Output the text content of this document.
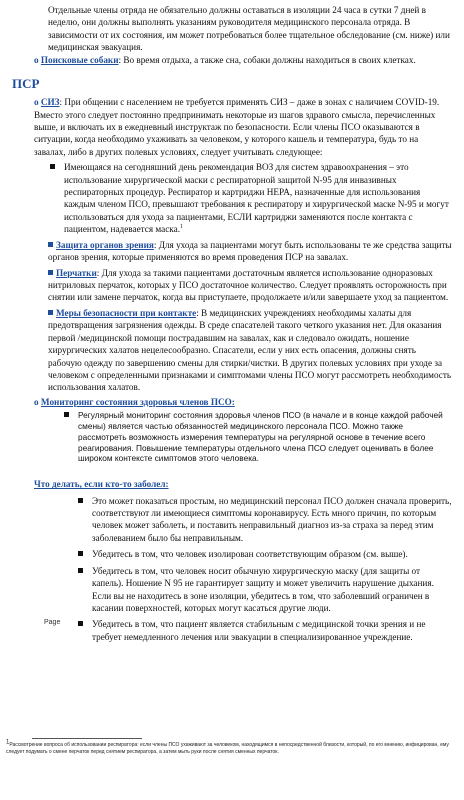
Отдельные члены отряда не обязательно должны оставаться в изоляции 24 часа в сутки 7 дней в неделю, они должны выполнять указаниям руководителя медицинского персонала отряда. В зависимости от их состояния, им может потребоваться более тщательное обследование (см. ниже) или медицинская эвакуация.

o Поисковые собаки: Во время отдыха, а также сна, собаки должны находиться в своих клетках.

ПСР

o СИЗ: При общении с населением не требуется применять СИЗ – даже в зонах с наличием COVID-19. Вместо этого следует постоянно предпринимать некоторые из шагов здравого смысла, перечисленных выше, и включать их в ежедневный инструктаж по безопасности. Если члены ПСО оказываются в ситуации, когда необходимо ухаживать за человеком, у которого кашель и температура, будь то на завалах, либо в других полевых условиях, следует учитывать следующее:

Имеющаяся на сегодняшний день рекомендация ВОЗ для систем здравоохранения – это использование хирургической маски с респираторной защитой N-95 для инвазивных респираторных процедур. Респиратор и картриджи HEPA, назначенные для использования каждым членом ПСО, превышают требования к респиратору и хирургической маске N-95 и могут использоваться для ухода за пациентами, ЕСЛИ картриджи заменяются после контакта с пациентом, надевается маска.$^1$

Защита органов зрения: Для ухода за пациентами могут быть использованы те же средства защиты органов зрения, которые применяются во время проведения ПСР на завалах.

Перчатки: Для ухода за такими пациентами достаточным является использование одноразовых нитриловых перчаток, которых у ПСО достаточное количество. Следует проявлять осторожность при снятии или замене перчаток, когда вы приступаете, продолжаете и/или завершаете уход за пациентом.

Меры безопасности при контакте: В медицинских учреждениях необходимы халаты для предотвращения загрязнения одежды. В среде спасателей такого четкого указания нет. Для оказания первой /медицинской помощи пострадавшим на завалах, как и следовало ожидать, ношение хирургических халатов нецелесообразно. Спасатели, если у них есть опасения, должны снять рабочую одежду по завершению смены для стирки/чистки. В других полевых условиях при уходе за человеком с определенными признаками и симптомами члены ПСО могут рассмотреть необходимость использования халатов.

o Мониторинг состояния здоровья членов ПСО:

Регулярный мониторинг состояния здоровья членов ПСО (в начале и в конце каждой рабочей смены) является частью обязанностей медицинского персонала ПСО. Можно также рассмотреть возможность измерения температуры на регулярной основе в течение всего реагирования. Повышение температуры отдельного члена ПСО следует оценивать в более широком контексте симптомов этого человека.

Что делать, если кто-то заболел:

Это может показаться простым, но медицинский персонал ПСО должен сначала проверить, соответствуют ли имеющиеся симптомы коронавирусу. Есть много причин, по которым человек может заболеть, и поставить неправильный диагноз из-за страха за перед этим заболеванием было бы неправильным.
Убедитесь в том, что человек изолирован соответствующим образом (см. выше).
Убедитесь в том, что человек носит обычную хирургическую маску (для защиты от капель). Ношение N 95 не гарантирует защиту и может увеличить нарушение дыхания. Если вы не находитесь в зоне изоляции, убедитесь в том, что заболевший ограничен в касании поверхностей, которых могут касаться другие люди.
Убедитесь в том, что пациент является стабильным с медицинской точки зрения и не требует немедленного лечения или эвакуации в специализированное учреждение.
Page

$^1$Рассмотрение вопроса об использовании респиратора: если члены ПСО ухаживают за человеком, находящимся в непосредственной близости, который, по его мнению, инфицирован, ему следует подумать о смене перчаток перед снятием респиратора, а затем мыть руки после снятия сменных перчаток.
